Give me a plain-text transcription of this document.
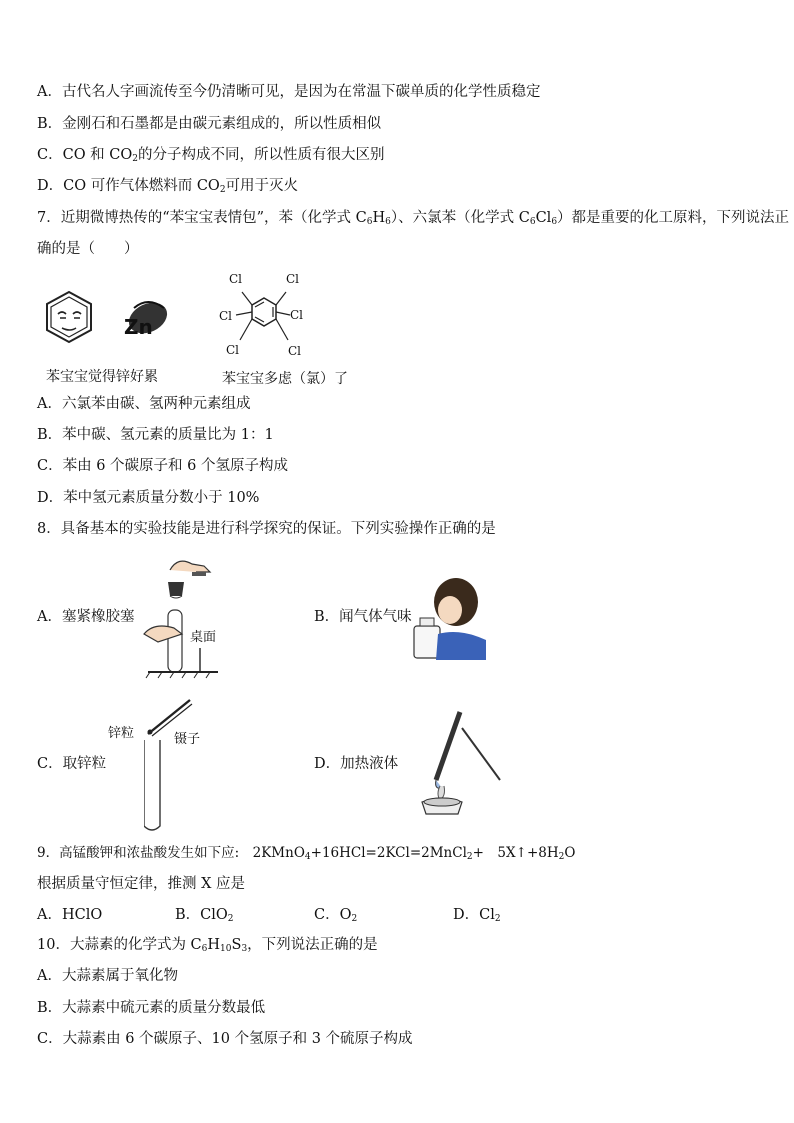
A．古代名人字画流传至今仍清晰可见，是因为在常温下碳单质的化学性质稳定
B．金刚石和石墨都是由碳元素组成的，所以性质相似
C．CO 和 $CO_2$的分子构成不同，所以性质有很大区别
D．CO 可作气体燃料而 $CO_2$可用于灭火
7．近期微博热传的“苯宝宝表情包”，苯（化学式 $C_6H_6$）、六氯苯（化学式 $C_6Cl_6$）都是重要的化工原料，下列说法正
确的是（　　）
Zn
苯宝宝觉得锌好累
Cl	Cl
Cl	Cl
Cl	Cl
苯宝宝多虑（氯）了
A．六氯苯由碳、氢两种元素组成
B．苯中碳、氢元素的质量比为 1：1
C．苯由 6 个碳原子和 6 个氢原子构成
D．苯中氢元素质量分数小于 10%
8．具备基本的实验技能是进行科学探究的保证。下列实验操作正确的是
A．塞紧橡胶塞
桌面
B．闻气体气味
锌粒	镊子
C．取锌粒	D．加热液体
9．高锰酸钾和浓盐酸发生如下应:　2KMnO$_4$+16HCl=2KCl=2MnCl$_2$+　$5X↑+8H_2O$
根据质量守恒定律，推测 X 应是
A．HClO	B．ClO$_2$	C．$O_2$	D．$Cl_2$
10．大蒜素的化学式为 $C_6H_{10}S_3$，下列说法正确的是
A．大蒜素属于氧化物
B．大蒜素中硫元素的质量分数最低
C．大蒜素由 6 个碳原子、10 个氢原子和 3 个硫原子构成
